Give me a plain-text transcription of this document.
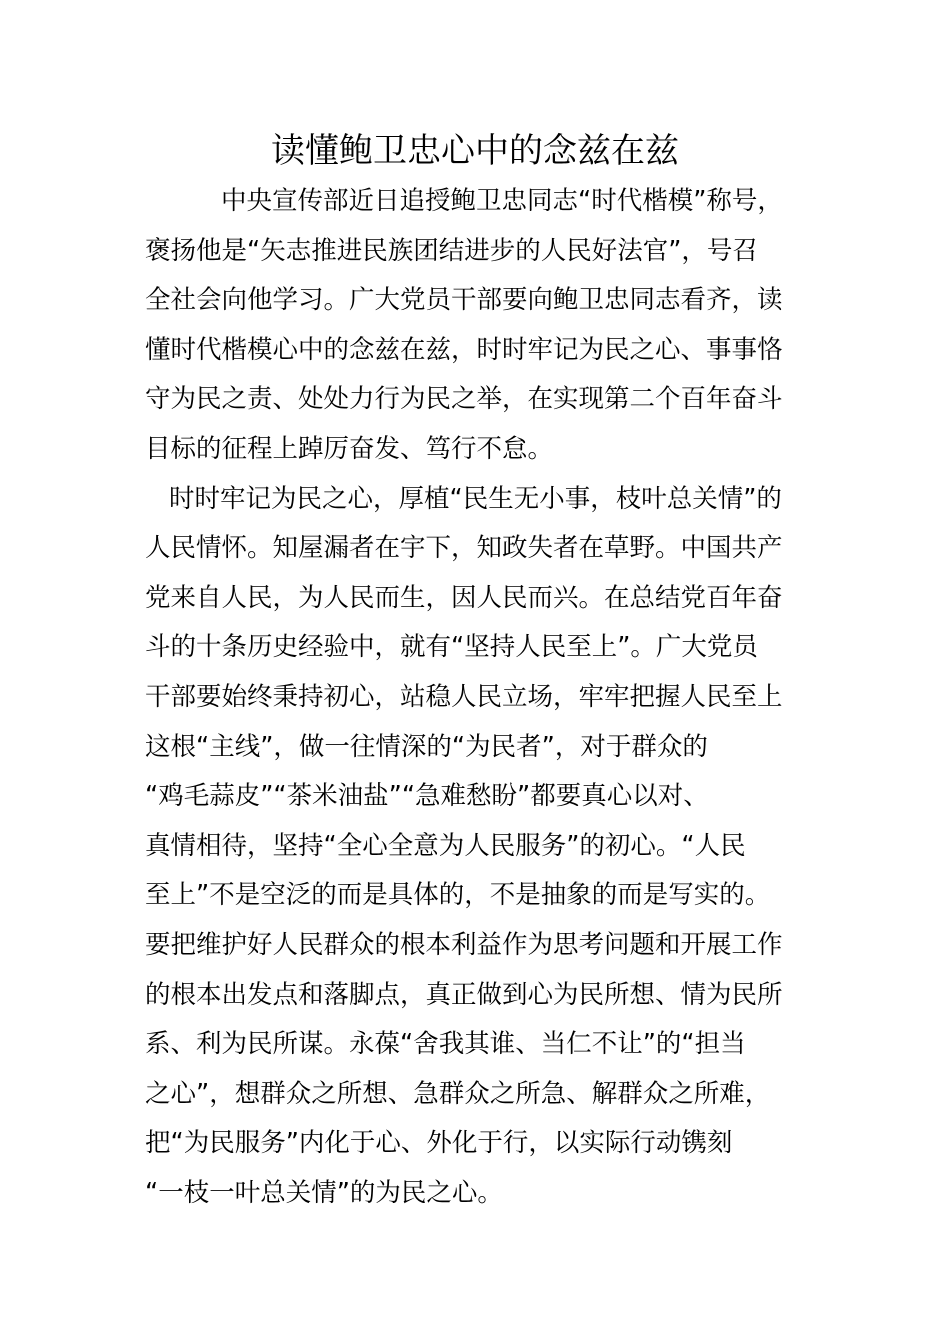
读懂鲍卫忠心中的念兹在兹
中央宣传部近日追授鲍卫忠同志“时代楷模”称号，
褒扬他是“矢志推进民族团结进步的人民好法官”，号召
全社会向他学习。广大党员干部要向鲍卫忠同志看齐，读
懂时代楷模心中的念兹在兹，时时牢记为民之心、事事恪
守为民之责、处处力行为民之举，在实现第二个百年奋斗
目标的征程上踔厉奋发、笃行不怠。
时时牢记为民之心，厚植“民生无小事，枝叶总关情”的
人民情怀。知屋漏者在宇下，知政失者在草野。中国共产
党来自人民，为人民而生，因人民而兴。在总结党百年奋
斗的十条历史经验中，就有“坚持人民至上”。广大党员
干部要始终秉持初心，站稳人民立场，牢牢把握人民至上
这根“主线”，做一往情深的“为民者”，对于群众的
“鸡毛蒜皮”“茶米油盐”“急难愁盼”都要真心以对、
真情相待，坚持“全心全意为人民服务”的初心。“人民
至上”不是空泛的而是具体的，不是抽象的而是写实的。
要把维护好人民群众的根本利益作为思考问题和开展工作
的根本出发点和落脚点，真正做到心为民所想、情为民所
系、利为民所谋。永葆“舍我其谁、当仁不让”的“担当
之心”，想群众之所想、急群众之所急、解群众之所难，
把“为民服务”内化于心、外化于行，以实际行动镌刻
“一枝一叶总关情”的为民之心。
